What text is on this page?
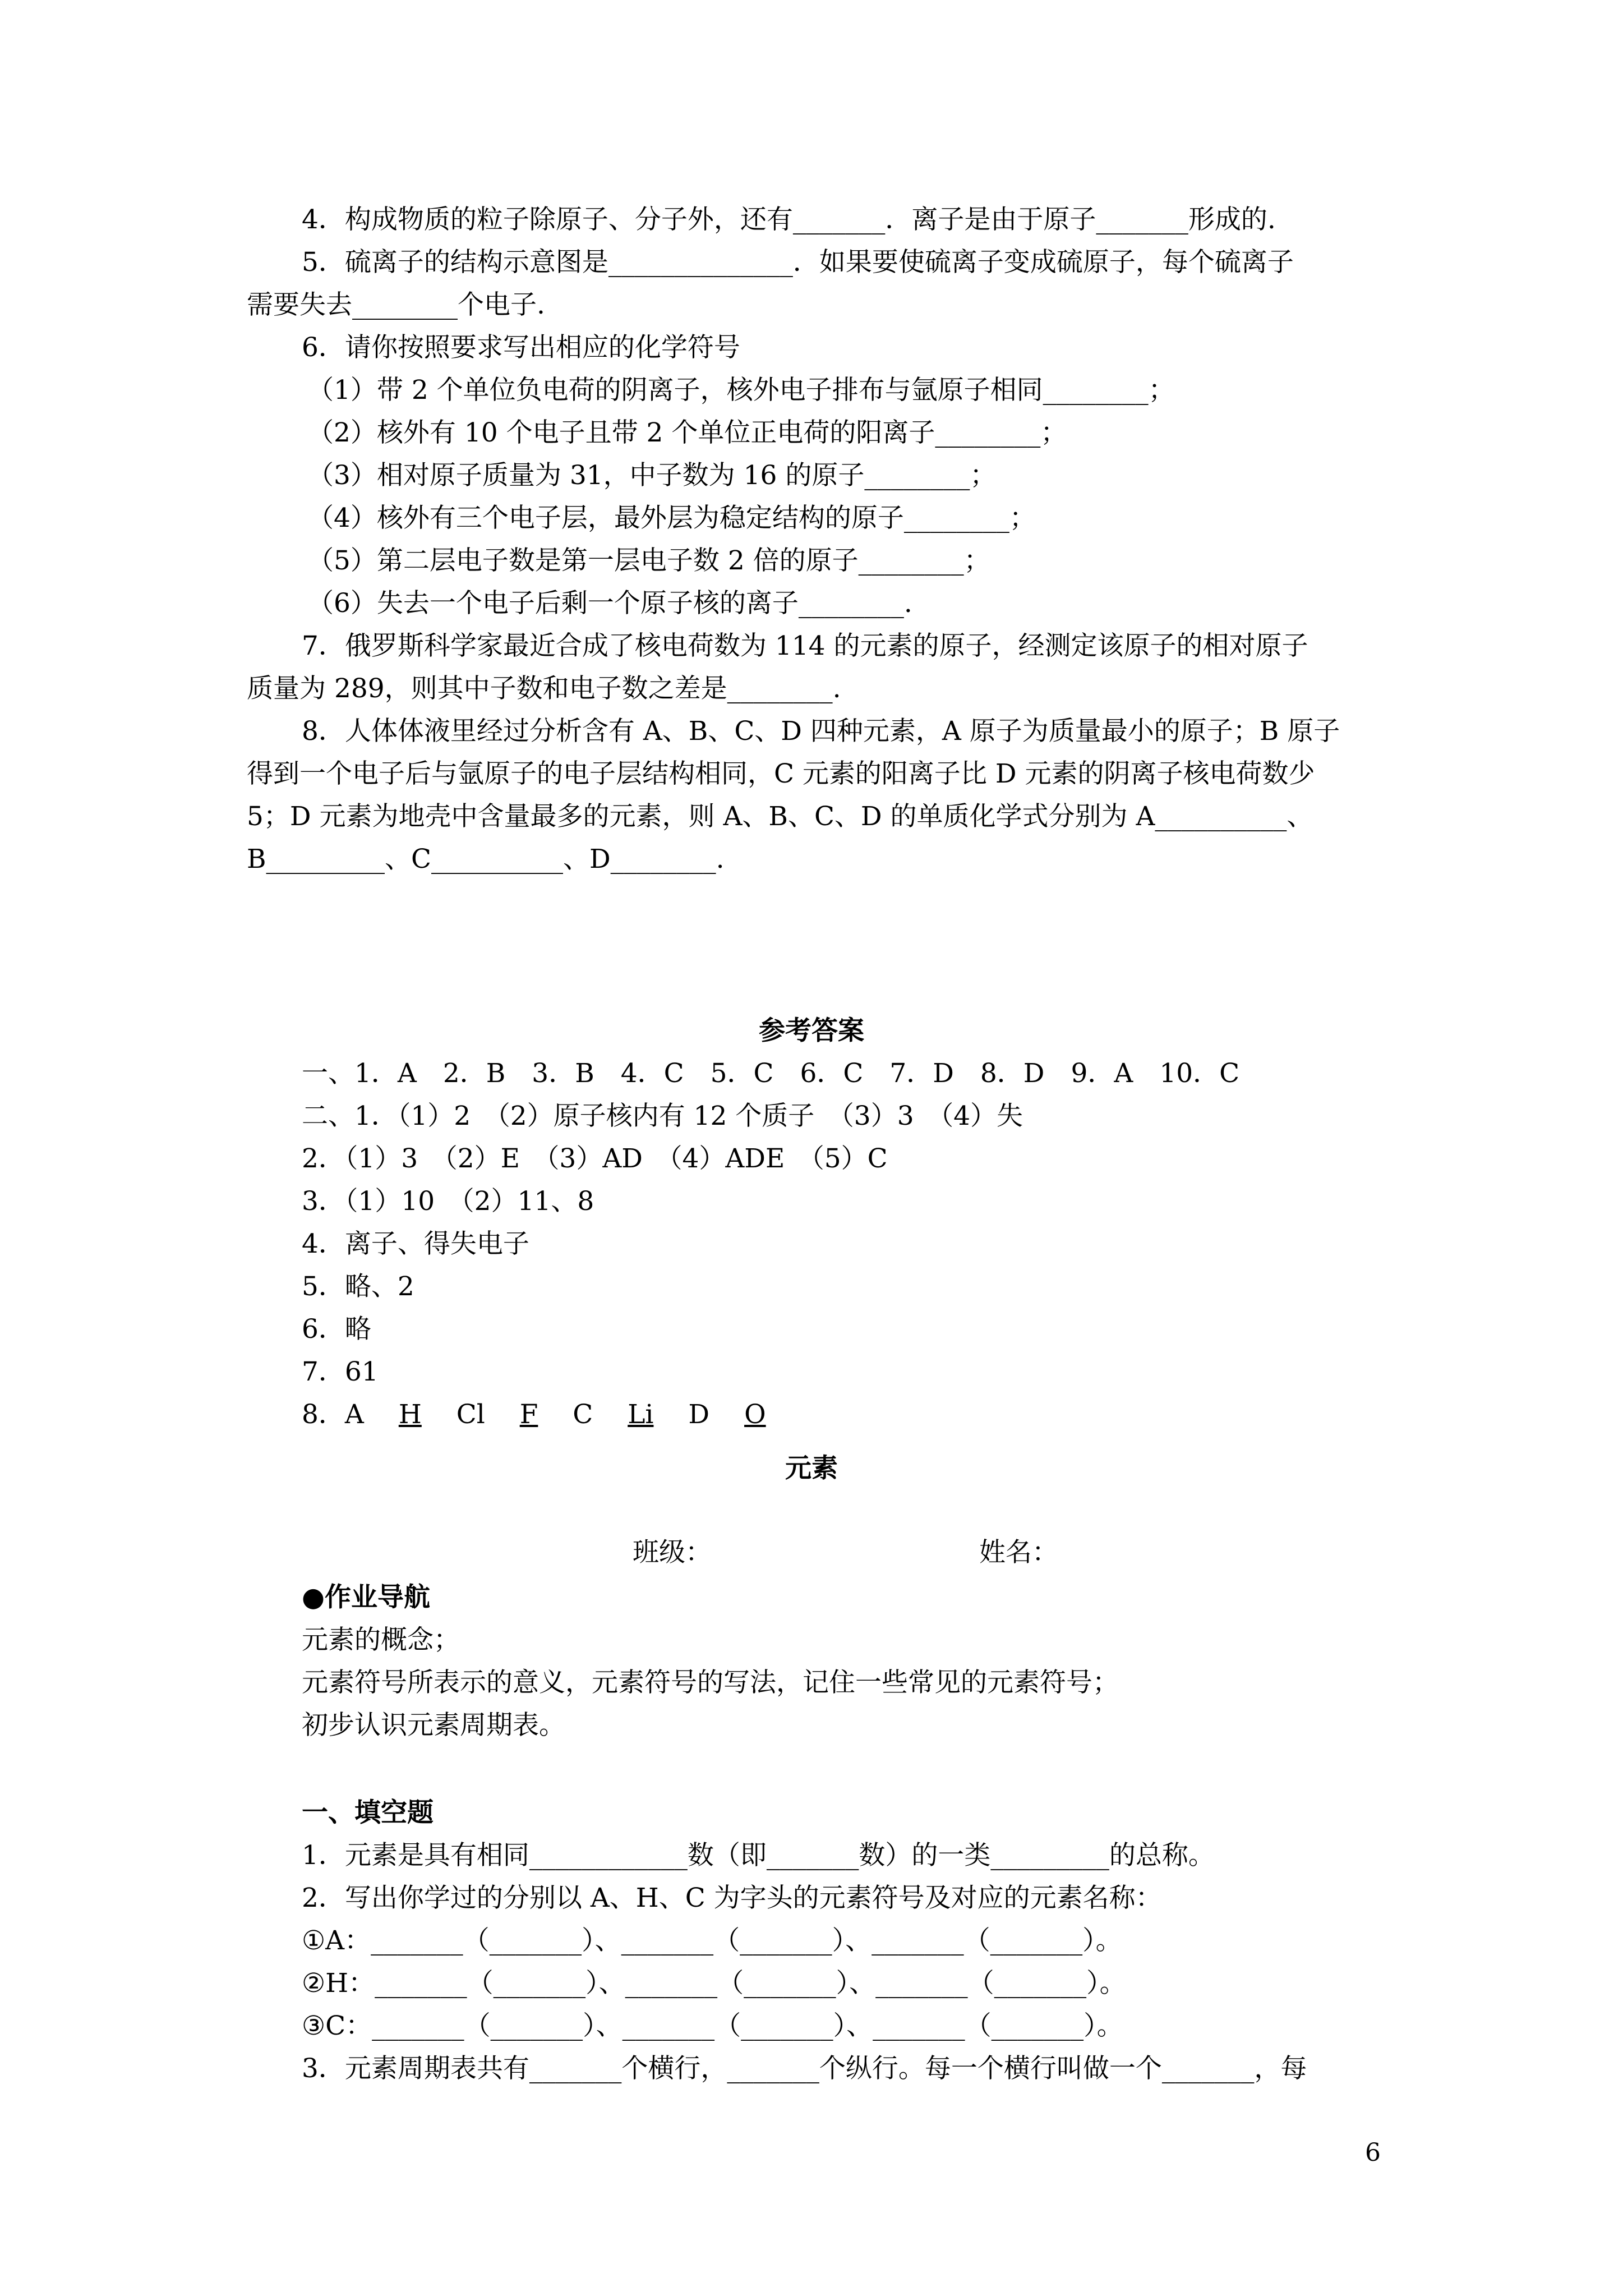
4．构成物质的粒子除原子、分子外，还有_______．离子是由于原子_______形成的.
5．硫离子的结构示意图是______________．如果要使硫离子变成硫原子，每个硫离子
需要失去________个电子.
6．请你按照要求写出相应的化学符号
（1）带 2 个单位负电荷的阴离子，核外电子排布与氩原子相同________；
（2）核外有 10 个电子且带 2 个单位正电荷的阳离子________；
（3）相对原子质量为 31，中子数为 16 的原子________；
（4）核外有三个电子层，最外层为稳定结构的原子________；
（5）第二层电子数是第一层电子数 2 倍的原子________；
（6）失去一个电子后剩一个原子核的离子________.
7．俄罗斯科学家最近合成了核电荷数为 114 的元素的原子，经测定该原子的相对原子
质量为 289，则其中子数和电子数之差是________.
8．人体体液里经过分析含有 A、B、C、D 四种元素，A 原子为质量最小的原子；B 原子
得到一个电子后与氩原子的电子层结构相同，C 元素的阳离子比 D 元素的阴离子核电荷数少
5；D 元素为地壳中含量最多的元素，则 A、B、C、D 的单质化学式分别为 A__________、
B_________、C__________、D________.
参考答案
一、1．A　2．B　3．B　4．C　5．C　6．C　7．D　8．D　9．A　10．C
二、1．（1）2　（2）原子核内有 12 个质子　（3）3　（4）失
2．（1）3　（2）E　（3）AD　（4）ADE　（5）C
3．（1）10　（2）11、8
4．离子、得失电子
5．略、2
6．略
7．61
8．A　 H　 Cl　 F　 C　 Li　 D　 O
元素
班级：	姓名：
●作业导航
元素的概念；
元素符号所表示的意义，元素符号的写法，记住一些常见的元素符号；
初步认识元素周期表。
一、填空题
1．元素是具有相同____________数（即_______数）的一类_________的总称。
2．写出你学过的分别以 A、H、C 为字头的元素符号及对应的元素名称：
①A：_______（_______）、_______（_______）、_______（_______）。
②H：_______（_______）、_______（_______）、_______（_______）。
③C：_______（_______）、_______（_______）、_______（_______）。
3．元素周期表共有_______个横行，_______个纵行。每一个横行叫做一个_______，每
6
